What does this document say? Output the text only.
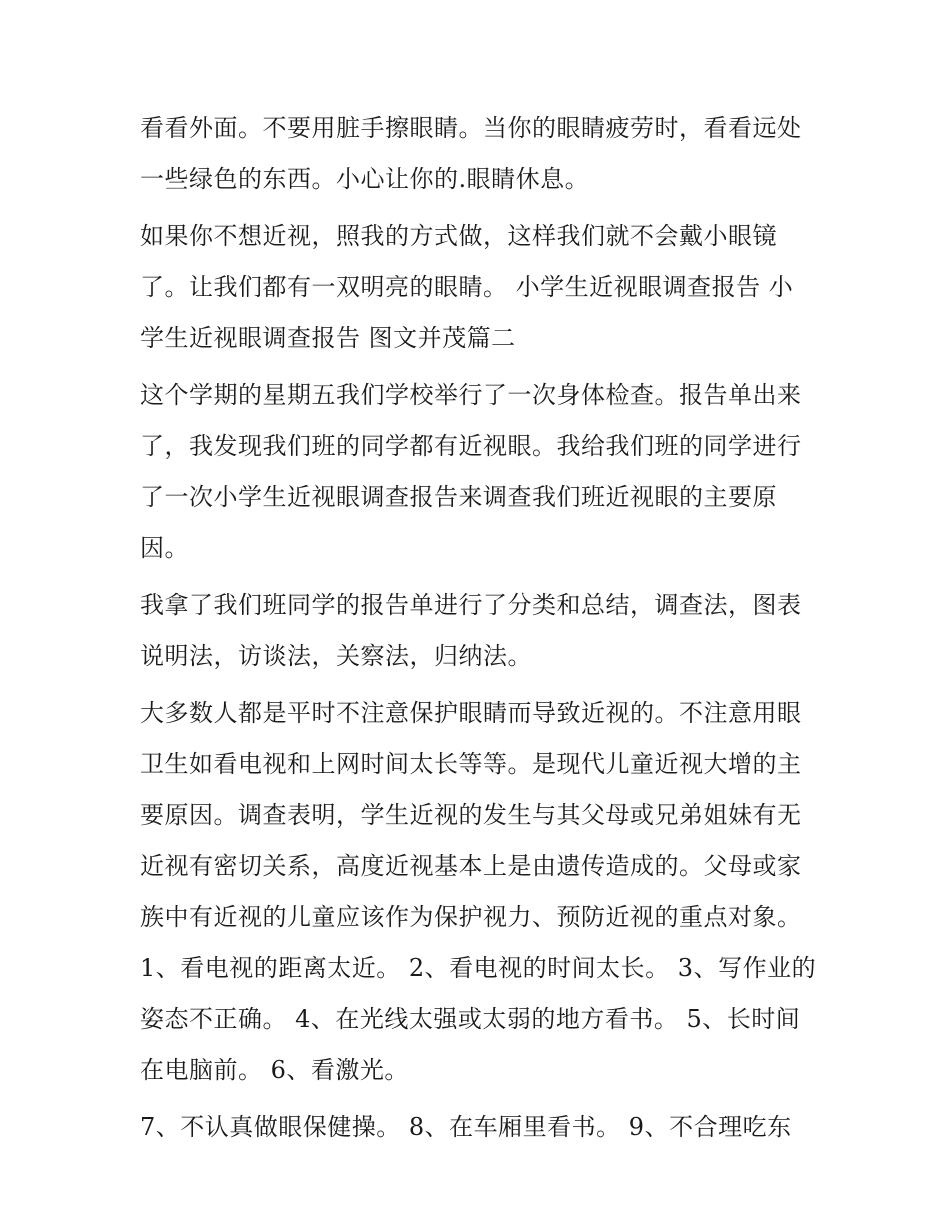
看看外面。不要用脏手擦眼睛。当你的眼睛疲劳时，看看远处
一些绿色的东西。小心让你的.眼睛休息。
如果你不想近视，照我的方式做，这样我们就不会戴小眼镜
了。让我们都有一双明亮的眼睛。 小学生近视眼调查报告 小
学生近视眼调查报告 图文并茂篇二
这个学期的星期五我们学校举行了一次身体检查。报告单出来
了，我发现我们班的同学都有近视眼。我给我们班的同学进行
了一次小学生近视眼调查报告来调查我们班近视眼的主要原
因。
我拿了我们班同学的报告单进行了分类和总结，调查法，图表
说明法，访谈法，关察法，归纳法。
大多数人都是平时不注意保护眼睛而导致近视的。不注意用眼
卫生如看电视和上网时间太长等等。是现代儿童近视大增的主
要原因。调查表明，学生近视的发生与其父母或兄弟姐妹有无
近视有密切关系，高度近视基本上是由遗传造成的。父母或家
族中有近视的儿童应该作为保护视力、预防近视的重点对象。
1、看电视的距离太近。 2、看电视的时间太长。 3、写作业的
姿态不正确。 4、在光线太强或太弱的地方看书。 5、长时间
在电脑前。 6、看激光。
7、不认真做眼保健操。 8、在车厢里看书。 9、不合理吃东
